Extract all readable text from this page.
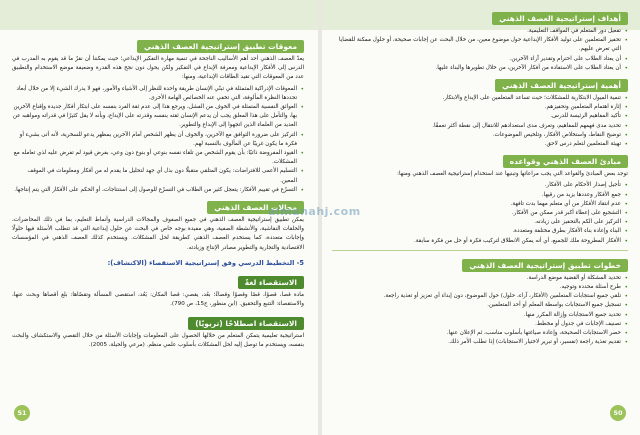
معوقات تطبيق إستراتيجية العصف الذهني

يعدّ العصف الذهني أحد أهم الأساليب الناجحة في تنمية مهارة التفكير الإبداعي؛ حيث يمكننا أن نقرّ ما قد يقوم به المدرب في الدرس إلى الأفكار الإبداعية ومعرفة الإبداع في التفكير ولكن يحول دون نجح هذه القدرة وضعيفة موضع الاستخدام والتطبيق عدد من المعوقات التي تقيد الطاقات الإبداعية، ومنها:

• المعوقات الإدراكية المتمثلة في تبنّي الإنسان طريقة واحدة للنظر إلى الأشياء والأمور، فهو لا يدرك الشيء إلا من خلال أبعاد تحددها النظرة المألوفة، التي تخفي عنه الخصائص الهامة الأخرى.
• العوائق النفسية المتمثلة في الخوف من الفشل، ويرجع هذا إلى عدم ثقة الفرد بنفسه على ابتكار أفكار جديدة وإقناع الآخرين بها، والتأمل على هذا المعلق يجب أن يدعم الإنسان ثقته بنفسه وقدرته على الإبداع، وبأنه لا يقل كثيرًا في قدراته ومواهبه عن العديد من العلماء الذين اتجهوا إلى الإبداع والتطوير.
• التركيز على ضرورة التوافق مع الآخرين، والخوف أن يظهر الشخص أمام الآخرين بمظهر يدعو للسخرية، لأنه أتى بشيء أو فكرة ما يكون غريبًا عن المألوف بالنسبة لهم.
• القيود المفروضة ذاتيًا: بأن يقوم الشخص من تلقاء نفسه بنوعي أو بنوع دون وعي، بفرض قيود لم تفرض عليه لذي تعامله مع المشكلات.
• التسليم الأعمى للافتراضات: يكون المتلقي متقبلًا دون بذل أي جهد لتحليل ما يقدم له من أفكار ومعلومات في الموقف المعين.
• التسرّع في تقييم الأفكار: يتعجل كثير من الطلاب في التسرّع للوصول إلى استنتاجات، أو الحكم على الأفكار التي يتم إنتاجها.
مجالات العصف الذهني

يمكن تطبيق إستراتيجية العصف الذهني في جميع الصفوف والمجالات الدراسية وأنماط التعليم، بما في ذلك المحاضرات، والحلقات النقاشية، والأنشطة الصفية، وهي مفيدة بوجه خاص في البحث عن حلول إبداعية التي قد تتطلب الأسئلة فيها حلولًا وإجابات متعددة، كما يستخدم العصف الذهني كطريقة لحل المشكلات. ويستخدم كذلك العصف الذهني في المؤسسات الاقتصادية والتجارية والتطوير مصادر الإنتاج وزيادته.

5- التخطيط الدرسي وفق إستراتيجية الاستقصاء (الاكتشاف):
الاستقصاء لغةً

مادة قصا، قصوًا، قصًا وقصوًا وقصاءً؛ بعُد، يقصي: قصا المكان: بَعُد، استقصى المسألة وتقصّاها: بلغ أقصاها وبحث عنها، والاستقصاء: التتبع والتحقيق. (ابن منظور، ج15، ص 790).

الاستقصاء اصطلاحًا (تربويًا)

استراتيجية تعليمية يتمكن المتعلم من خلالها الحصول على المعلومات وإجابات الأسئلة من خلال التقصي والاستكشاف والبحث بنفسه، ويستخدم ما توصل إليه لحل المشكلات بأسلوب علمي منظم. (مرعي والحيلة، 2005).

51
أهداف إستراتيجية العصف الذهني
• تفعيل دور المتعلم في المواقف التعليمية.
• تحفيز المتعلمين على توليد الأفكار الإبداعية حول موضوع معين، من خلال البحث عن إجابات صحيحة، أو حلول ممكنة للقضايا التي تعرض عليهم.
• أن يعتاد الطلاب على احترام وتقدير آراء الآخرين.
• أن يعتاد الطلاب على الاستفادة من أفكار الآخرين، من خلال تطويرها والبناء عليها.
أهمية إستراتيجية العصف الذهني
• تنمية الميول الابتكارية للمشكلات؛ حيث تساعد المتعلمين على الإبداع والابتكار.
• إثارة اهتمام المتعلمين وتحفيزهم.
• تأكيد المفاهيم الرئيسة للدرس.
• تحديد مدى فهمهم للمفاهيم، وتعرف مدى استعدادهم للانتقال إلى نقطة أكثر تعمقًا.
• توضيح النقاط، واستخلاص الأفكار، وتلخيص الموضوعات.
• تهيئة المتعلمين لتعلم درس لاحق.
مبادئ العصف الذهني وقواعده

توجد بعض المبادئ والقواعد التي يجب مراعاتها وتبنيها عند استخدام إستراتيجية العصف الذهني ومنها:

• تأجيل إصدار الأحكام على الأفكار.
• جمع الأفكار وعددها يزيد من رقيها.
• عدم انتقاد الأفكار من أي متعلم مهما بدت تافهة.
• التشجيع على إعطاء أكبر قدر ممكن من الأفكار.
• التركيز على الكم بالتحفيز على زيادته.
• البناء وإعادة بناء الأفكار بطرق مختلفة ومتعددة.
• الأفكار المطروحة ملك للجميع، أي أنه يمكن الانطلاق لتركيب فكرة أو حل من فكرة سابقة.
خطوات تطبيق إستراتيجية العصف الذهني
• تحديد المشكلة أو القضية موضع الدراسة.
• طرح أسئلة محددة وتوجيه.
• تلقي جميع استجابات المتعلمين (الأفكار، آراء، حلول) حول الموضوع، دون إبداء أي تعزيز أو تغذية راجعة.
• تسجيل جميع الاستجابات بواسطة المعلم أو أحد المتعلمين.
• تحديد جميع الاستجابات وإزالة المكرر منها.
• تصنيف الإجابات في جدول أو مخطط.
• حصر الاستجابات الصحيحة، وإعادة صياغتها بأسلوب مناسب، ثم الإعلان عنها.
• تقديم تغذية راجعة (تفسير، أو تبرير لاختيار الاستجابات) إذا تطلب الأمر ذلك.
50
almanahj.com
